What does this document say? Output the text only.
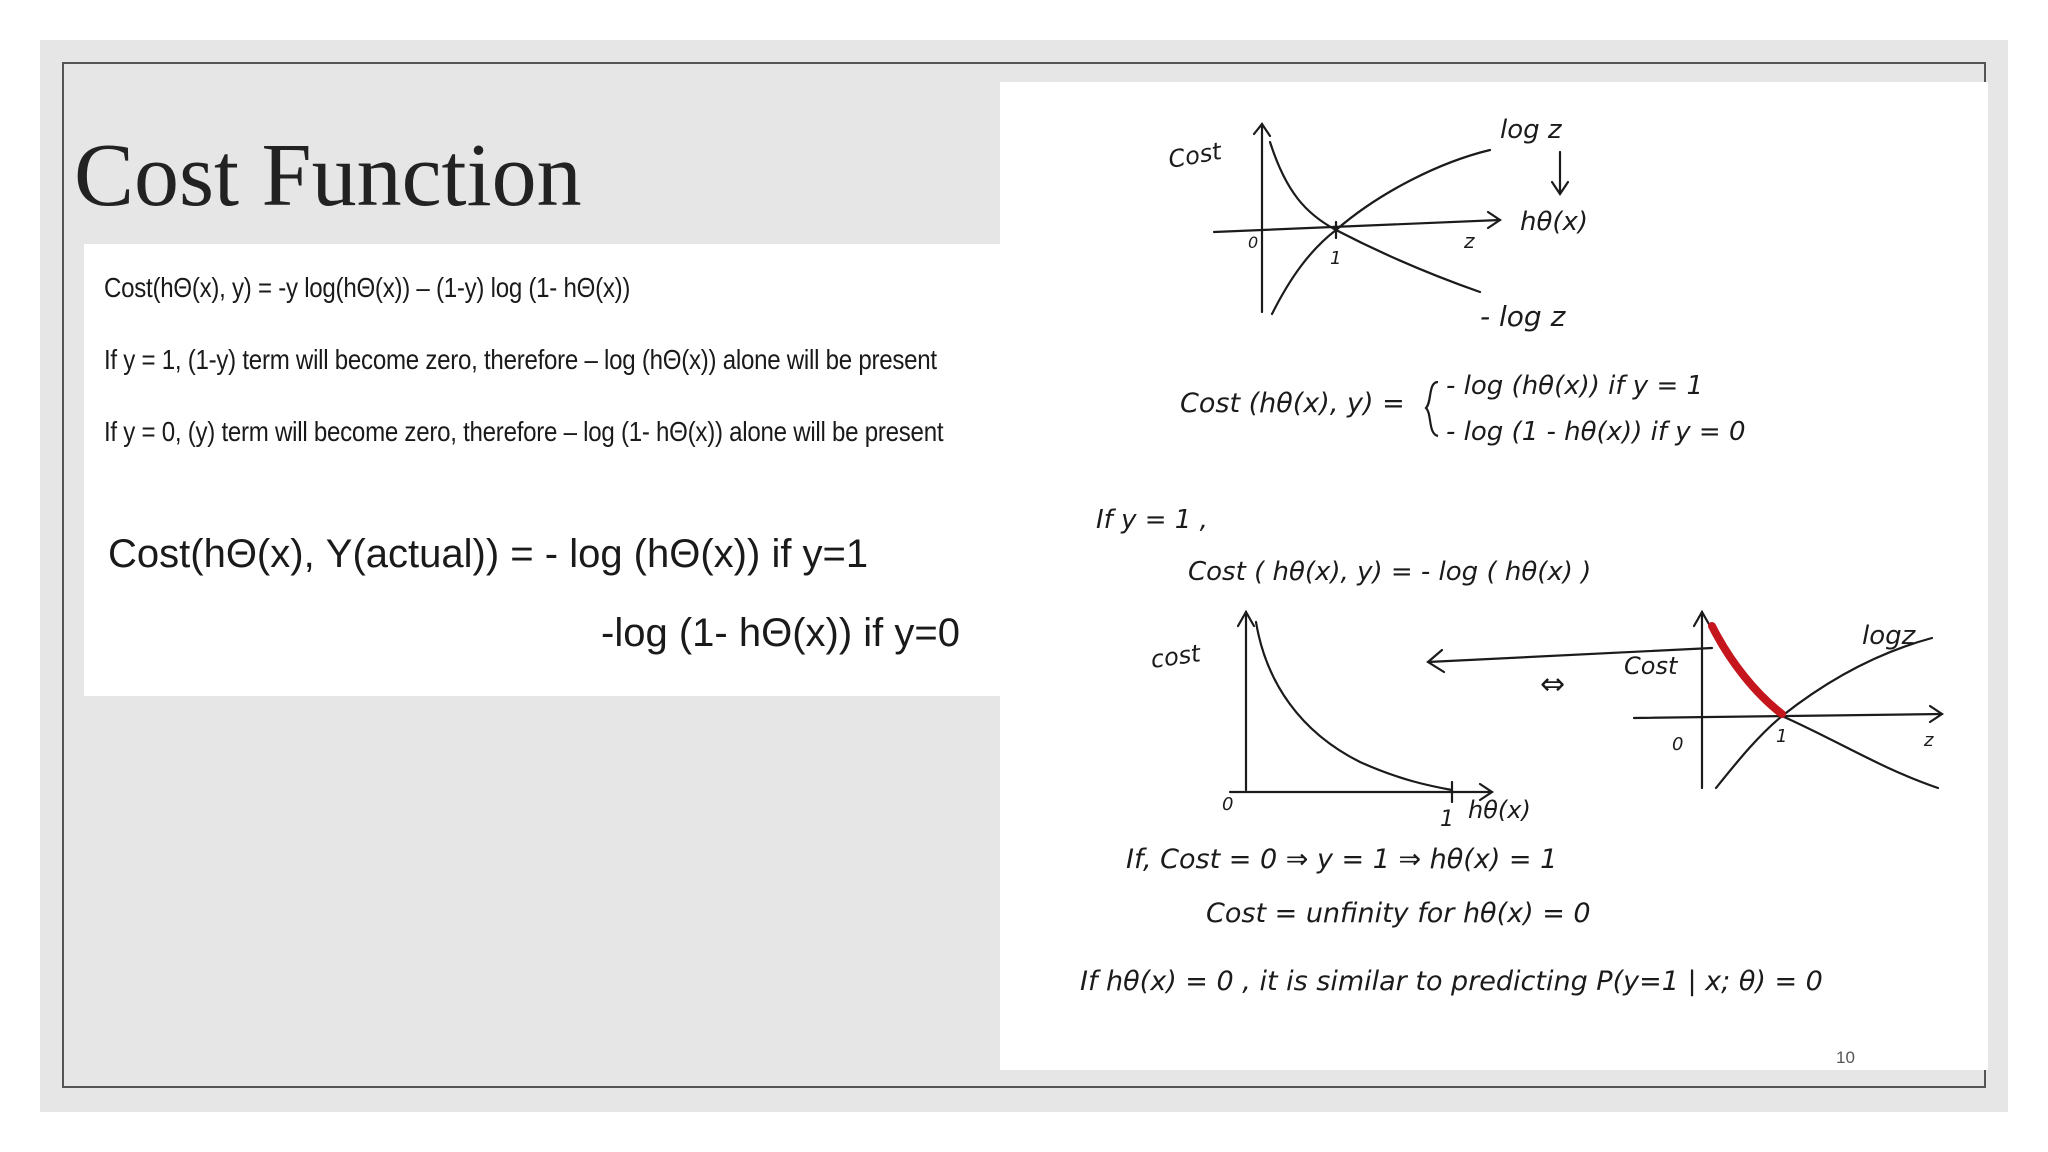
Cost Function
Cost(hΘ(x), y) = -y log(hΘ(x)) – (1-y) log (1- hΘ(x))
If y = 1, (1-y) term will become zero, therefore – log (hΘ(x)) alone will be present
If y = 0, (y) term will become zero, therefore – log (1- hΘ(x)) alone will be present
Cost(hΘ(x), Y(actual)) = - log (hΘ(x)) if y=1
-log (1- hΘ(x)) if y=0
Cost
log z
hθ(x)
- log z
z
0
1
Cost (hθ(x), y) =
- log (hθ(x)) if y = 1
- log (1 - hθ(x)) if y = 0
If y = 1 ,
Cost ( hθ(x), y) = - log ( hθ(x) )
cost
0
1 hθ(x)
⇔
Cost
logz
0	1	z
If, Cost = 0 ⇒ y = 1 ⇒ hθ(x) = 1
Cost = unfinity for hθ(x) = 0
If hθ(x) = 0 , it is similar to predicting P(y=1 | x; θ) = 0
10
